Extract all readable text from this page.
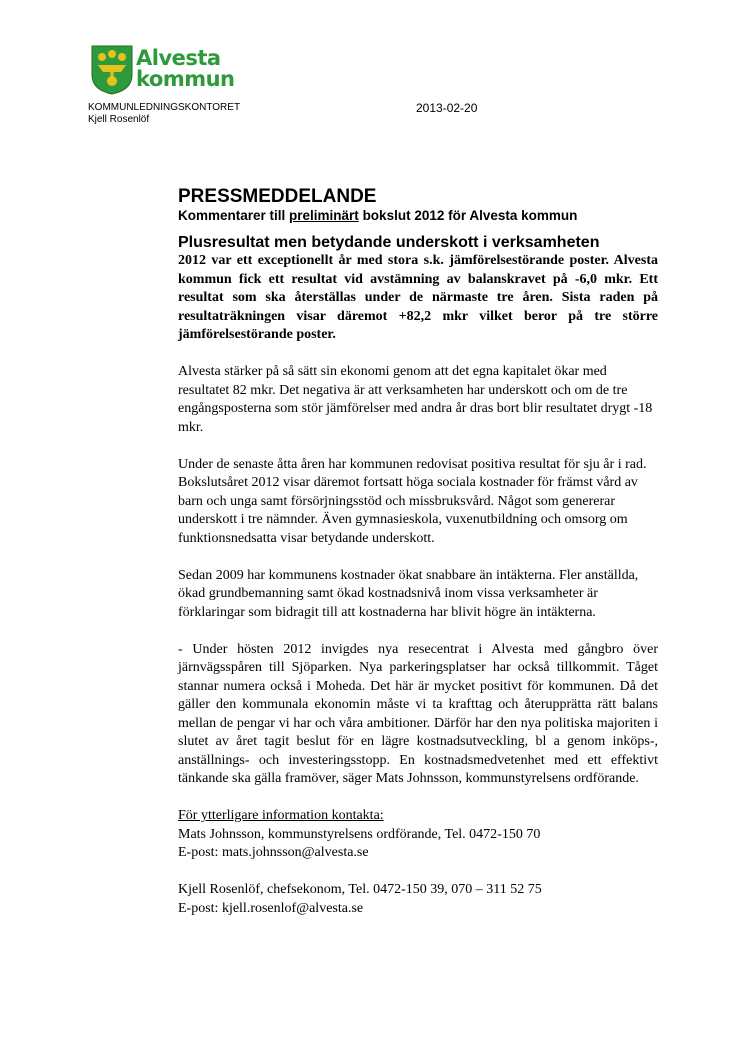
Alvesta
kommun
KOMMUNLEDNINGSKONTORET
Kjell Rosenlöf
2013-02-20
PRESSMEDDELANDE
Kommentarer till preliminärt bokslut 2012 för Alvesta kommun
Plusresultat men betydande underskott i verksamheten

2012 var ett exceptionellt år med stora s.k. jämförelsestörande poster. Alvesta kommun fick ett resultat vid avstämning av balanskravet på -6,0 mkr. Ett resultat som ska återställas under de närmaste tre åren. Sista raden på resultaträkningen visar däremot +82,2 mkr vilket beror på tre större jämförelsestörande poster.

Alvesta stärker på så sätt sin ekonomi genom att det egna kapitalet ökar med resultatet 82 mkr. Det negativa är att verksamheten har underskott och om de tre engångsposterna som stör jämförelser med andra år dras bort blir resultatet drygt -18 mkr.

Under de senaste åtta åren har kommunen redovisat positiva resultat för sju år i rad. Bokslutsåret 2012 visar däremot fortsatt höga sociala kostnader för främst vård av barn och unga samt försörjningsstöd och missbruksvård. Något som genererar underskott i tre nämnder. Även gymnasieskola, vuxenutbildning och omsorg om funktionsnedsatta visar betydande underskott.

Sedan 2009 har kommunens kostnader ökat snabbare än intäkterna. Fler anställda, ökad grundbemanning samt ökad kostnadsnivå inom vissa verksamheter är förklaringar som bidragit till att kostnaderna har blivit högre än intäkterna.

- Under hösten 2012 invigdes nya resecentrat i Alvesta med gångbro över järnvägsspåren till Sjöparken. Nya parkeringsplatser har också tillkommit. Tåget stannar numera också i Moheda. Det här är mycket positivt för kommunen. Då det gäller den kommunala ekonomin måste vi ta krafttag och återupprätta rätt balans mellan de pengar vi har och våra ambitioner. Därför har den nya politiska majoriten i slutet av året tagit beslut för en lägre kostnadsutveckling, bl a genom inköps-, anställnings- och investeringsstopp. En kostnadsmedvetenhet med ett effektivt tänkande ska gälla framöver, säger Mats Johnsson, kommunstyrelsens ordförande.

För ytterligare information kontakta:
Mats Johnsson, kommunstyrelsens ordförande, Tel. 0472-150 70
E-post: mats.johnsson@alvesta.se
Kjell Rosenlöf, chefsekonom, Tel. 0472-150 39, 070 – 311 52 75
E-post: kjell.rosenlof@alvesta.se
